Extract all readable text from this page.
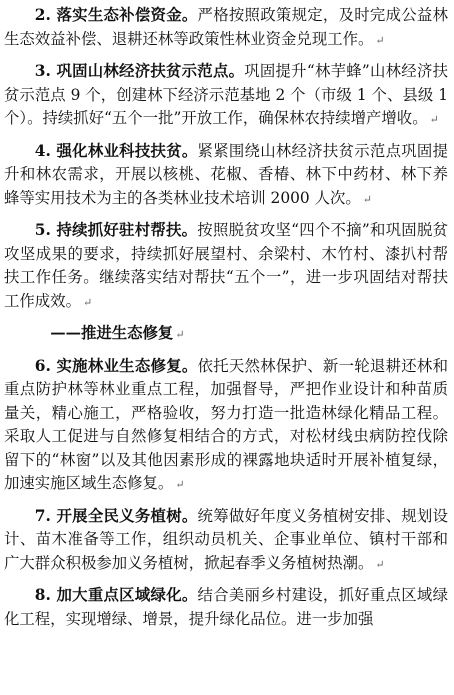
2. 落实生态补偿资金。严格按照政策规定，及时完成公益林生态效益补偿、退耕还林等政策性林业资金兑现工作。 ↵

3. 巩固山林经济扶贫示范点。巩固提升“林芋蜂”山林经济扶贫示范点 9 个，创建林下经济示范基地 2 个（市级 1 个、县级 1 个）。持续抓好“五个一批”开放工作，确保林农持续增产增收。 ↵

4. 强化林业科技扶贫。紧紧围绕山林经济扶贫示范点巩固提升和林农需求，开展以核桃、花椒、香椿、林下中药材、林下养蜂等实用技术为主的各类林业技术培训 2000 人次。 ↵

5. 持续抓好驻村帮扶。按照脱贫攻坚“四个不摘”和巩固脱贫攻坚成果的要求，持续抓好展望村、余梁村、木竹村、漆扒村帮扶工作任务。继续落实结对帮扶“五个一”，进一步巩固结对帮扶工作成效。 ↵

——推进生态修复 ↵

6. 实施林业生态修复。依托天然林保护、新一轮退耕还林和重点防护林等林业重点工程，加强督导，严把作业设计和种苗质量关，精心施工，严格验收，努力打造一批造林绿化精品工程。采取人工促进与自然修复相结合的方式，对松材线虫病防控伐除留下的“林窗”以及其他因素形成的裸露地块适时开展补植复绿，加速实施区域生态修复。 ↵

7. 开展全民义务植树。统筹做好年度义务植树安排、规划设计、苗木准备等工作，组织动员机关、企事业单位、镇村干部和广大群众积极参加义务植树，掀起春季义务植树热潮。 ↵

8. 加大重点区域绿化。结合美丽乡村建设，抓好重点区域绿化工程，实现增绿、增景，提升绿化品位。进一步加强
